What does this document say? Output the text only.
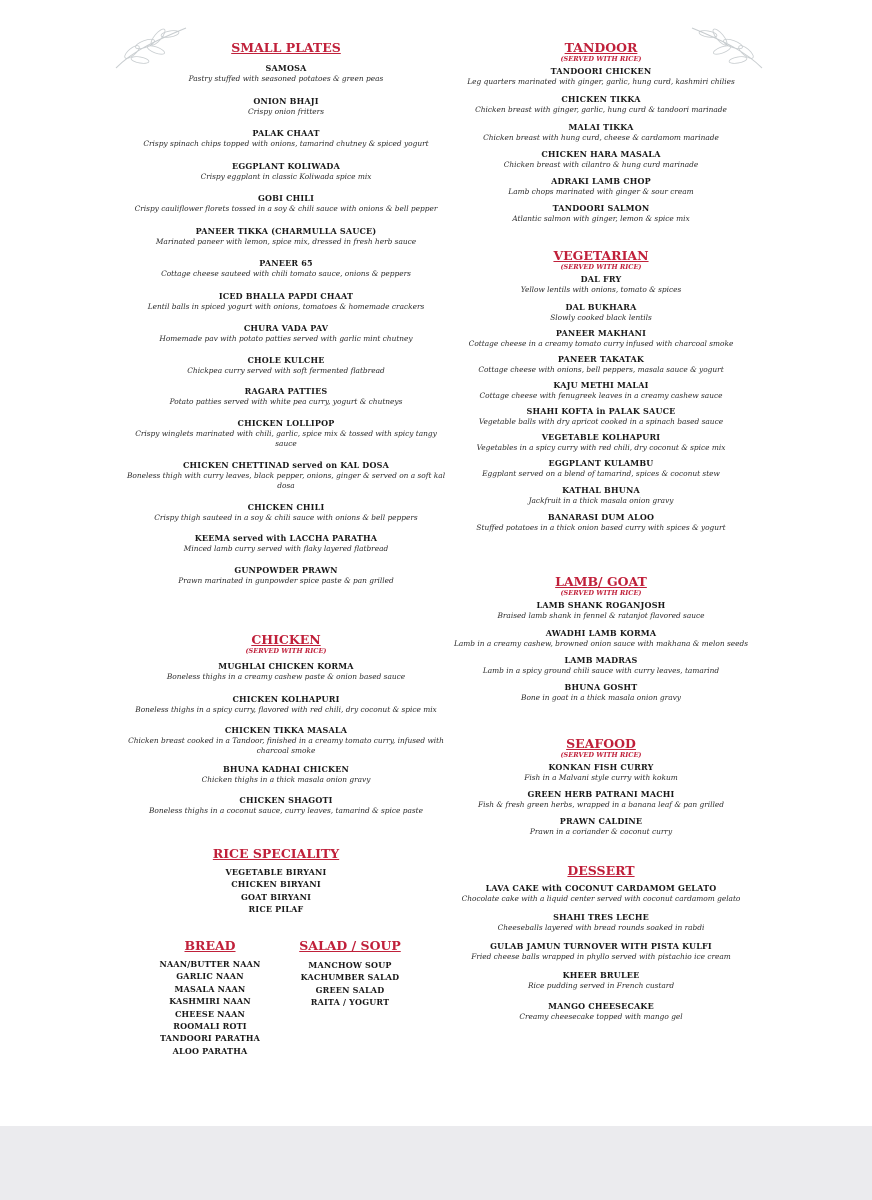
SMALL PLATES
SAMOSA
Pastry stuffed with seasoned potatoes & green peas
ONION BHAJI
Crispy onion fritters
PALAK CHAAT
Crispy spinach chips topped with onions, tamarind chutney & spiced yogurt
EGGPLANT KOLIWADA
Crispy eggplant in classic Koliwada spice mix
GOBI CHILI
Crispy cauliflower florets tossed in a soy & chili sauce with onions & bell pepper
PANEER TIKKA (CHARMULLA SAUCE)
Marinated paneer with lemon, spice mix, dressed in fresh herb sauce
PANEER 65
Cottage cheese sauteed with chili tomato sauce, onions & peppers
ICED BHALLA PAPDI CHAAT
Lentil balls in spiced yogurt with onions, tomatoes & homemade crackers
CHURA VADA PAV
Homemade pav with potato patties served with garlic mint chutney
CHOLE KULCHE
Chickpea curry served with soft fermented flatbread
RAGARA PATTIES
Potato patties served with white pea curry, yogurt & chutneys
CHICKEN LOLLIPOP
Crispy winglets marinated with chili, garlic, spice mix & tossed with spicy tangy sauce
CHICKEN CHETTINAD served on KAL DOSA
Boneless thigh with curry leaves, black pepper, onions, ginger & served on a soft kal dosa
CHICKEN CHILI
Crispy thigh sauteed in a soy & chili sauce with onions & bell peppers
KEEMA served with LACCHA PARATHA
Minced lamb curry served with flaky layered flatbread
GUNPOWDER PRAWN
Prawn marinated in gunpowder spice paste & pan grilled
CHICKEN
(SERVED WITH RICE)
MUGHLAI CHICKEN KORMA
Boneless thighs in a creamy cashew paste & onion based sauce
CHICKEN KOLHAPURI
Boneless thighs in a spicy curry, flavored with red chili, dry coconut & spice mix
CHICKEN TIKKA MASALA
Chicken breast cooked in a Tandoor, finished in a creamy tomato curry, infused with charcoal smoke
BHUNA KADHAI CHICKEN
Chicken thighs in a thick masala onion gravy
CHICKEN SHAGOTI
Boneless thighs in a coconut sauce, curry leaves, tamarind & spice paste
RICE SPECIALITY
VEGETABLE BIRYANI
CHICKEN BIRYANI
GOAT BIRYANI
RICE PILAF
BREAD
NAAN/BUTTER NAAN
GARLIC NAAN
MASALA NAAN
KASHMIRI NAAN
CHEESE NAAN
ROOMALI ROTI
TANDOORI PARATHA
ALOO PARATHA
SALAD / SOUP
MANCHOW SOUP
KACHUMBER SALAD
GREEN SALAD
RAITA / YOGURT
TANDOOR
(SERVED WITH RICE)
TANDOORI CHICKEN
Leg quarters marinated with ginger, garlic, hung curd, kashmiri chilies
CHICKEN TIKKA
Chicken breast with ginger, garlic, hung curd & tandoori marinade
MALAI TIKKA
Chicken breast with hung curd, cheese & cardamom marinade
CHICKEN HARA MASALA
Chicken breast with cilantro & hung curd marinade
ADRAKI LAMB CHOP
Lamb chops marinated with ginger & sour cream
TANDOORI SALMON
Atlantic salmon with ginger, lemon & spice mix
VEGETARIAN
(SERVED WITH RICE)
DAL FRY
Yellow lentils with onions, tomato & spices
DAL BUKHARA
Slowly cooked black lentils
PANEER MAKHANI
Cottage cheese in a creamy tomato curry infused with charcoal smoke
PANEER TAKATAK
Cottage cheese with onions, bell peppers, masala sauce & yogurt
KAJU METHI MALAI
Cottage cheese with fenugreek leaves in a creamy cashew sauce
SHAHI KOFTA in PALAK SAUCE
Vegetable balls with dry apricot cooked in a spinach based sauce
VEGETABLE KOLHAPURI
Vegetables in a spicy curry with red chili, dry coconut & spice mix
EGGPLANT KULAMBU
Eggplant served on a blend of tamarind, spices & coconut stew
KATHAL BHUNA
Jackfruit in a thick masala onion gravy
BANARASI DUM ALOO
Stuffed potatoes in a thick onion based curry with spices & yogurt
LAMB/ GOAT
(SERVED WITH RICE)
LAMB SHANK ROGANJOSH
Braised lamb shank in fennel & ratanjot flavored sauce
AWADHI LAMB KORMA
Lamb in a creamy cashew, browned onion sauce with makhana & melon seeds
LAMB MADRAS
Lamb in a spicy ground chili sauce with curry leaves, tamarind
BHUNA GOSHT
Bone in goat in a thick masala onion gravy
SEAFOOD
(SERVED WITH RICE)
KONKAN FISH CURRY
Fish in a Malvani style curry with kokum
GREEN HERB PATRANI MACHI
Fish & fresh green herbs, wrapped in a banana leaf & pan grilled
PRAWN CALDINE
Prawn in a coriander & coconut curry
DESSERT
LAVA CAKE with COCONUT CARDAMOM GELATO
Chocolate cake with a liquid center served with coconut cardamom gelato
SHAHI TRES LECHE
Cheeseballs layered with bread rounds soaked in rabdi
GULAB JAMUN TURNOVER WITH PISTA KULFI
Fried cheese balls wrapped in phyllo served with pistachio ice cream
KHEER BRULEE
Rice pudding served in French custard
MANGO CHEESECAKE
Creamy cheesecake topped with mango gel
